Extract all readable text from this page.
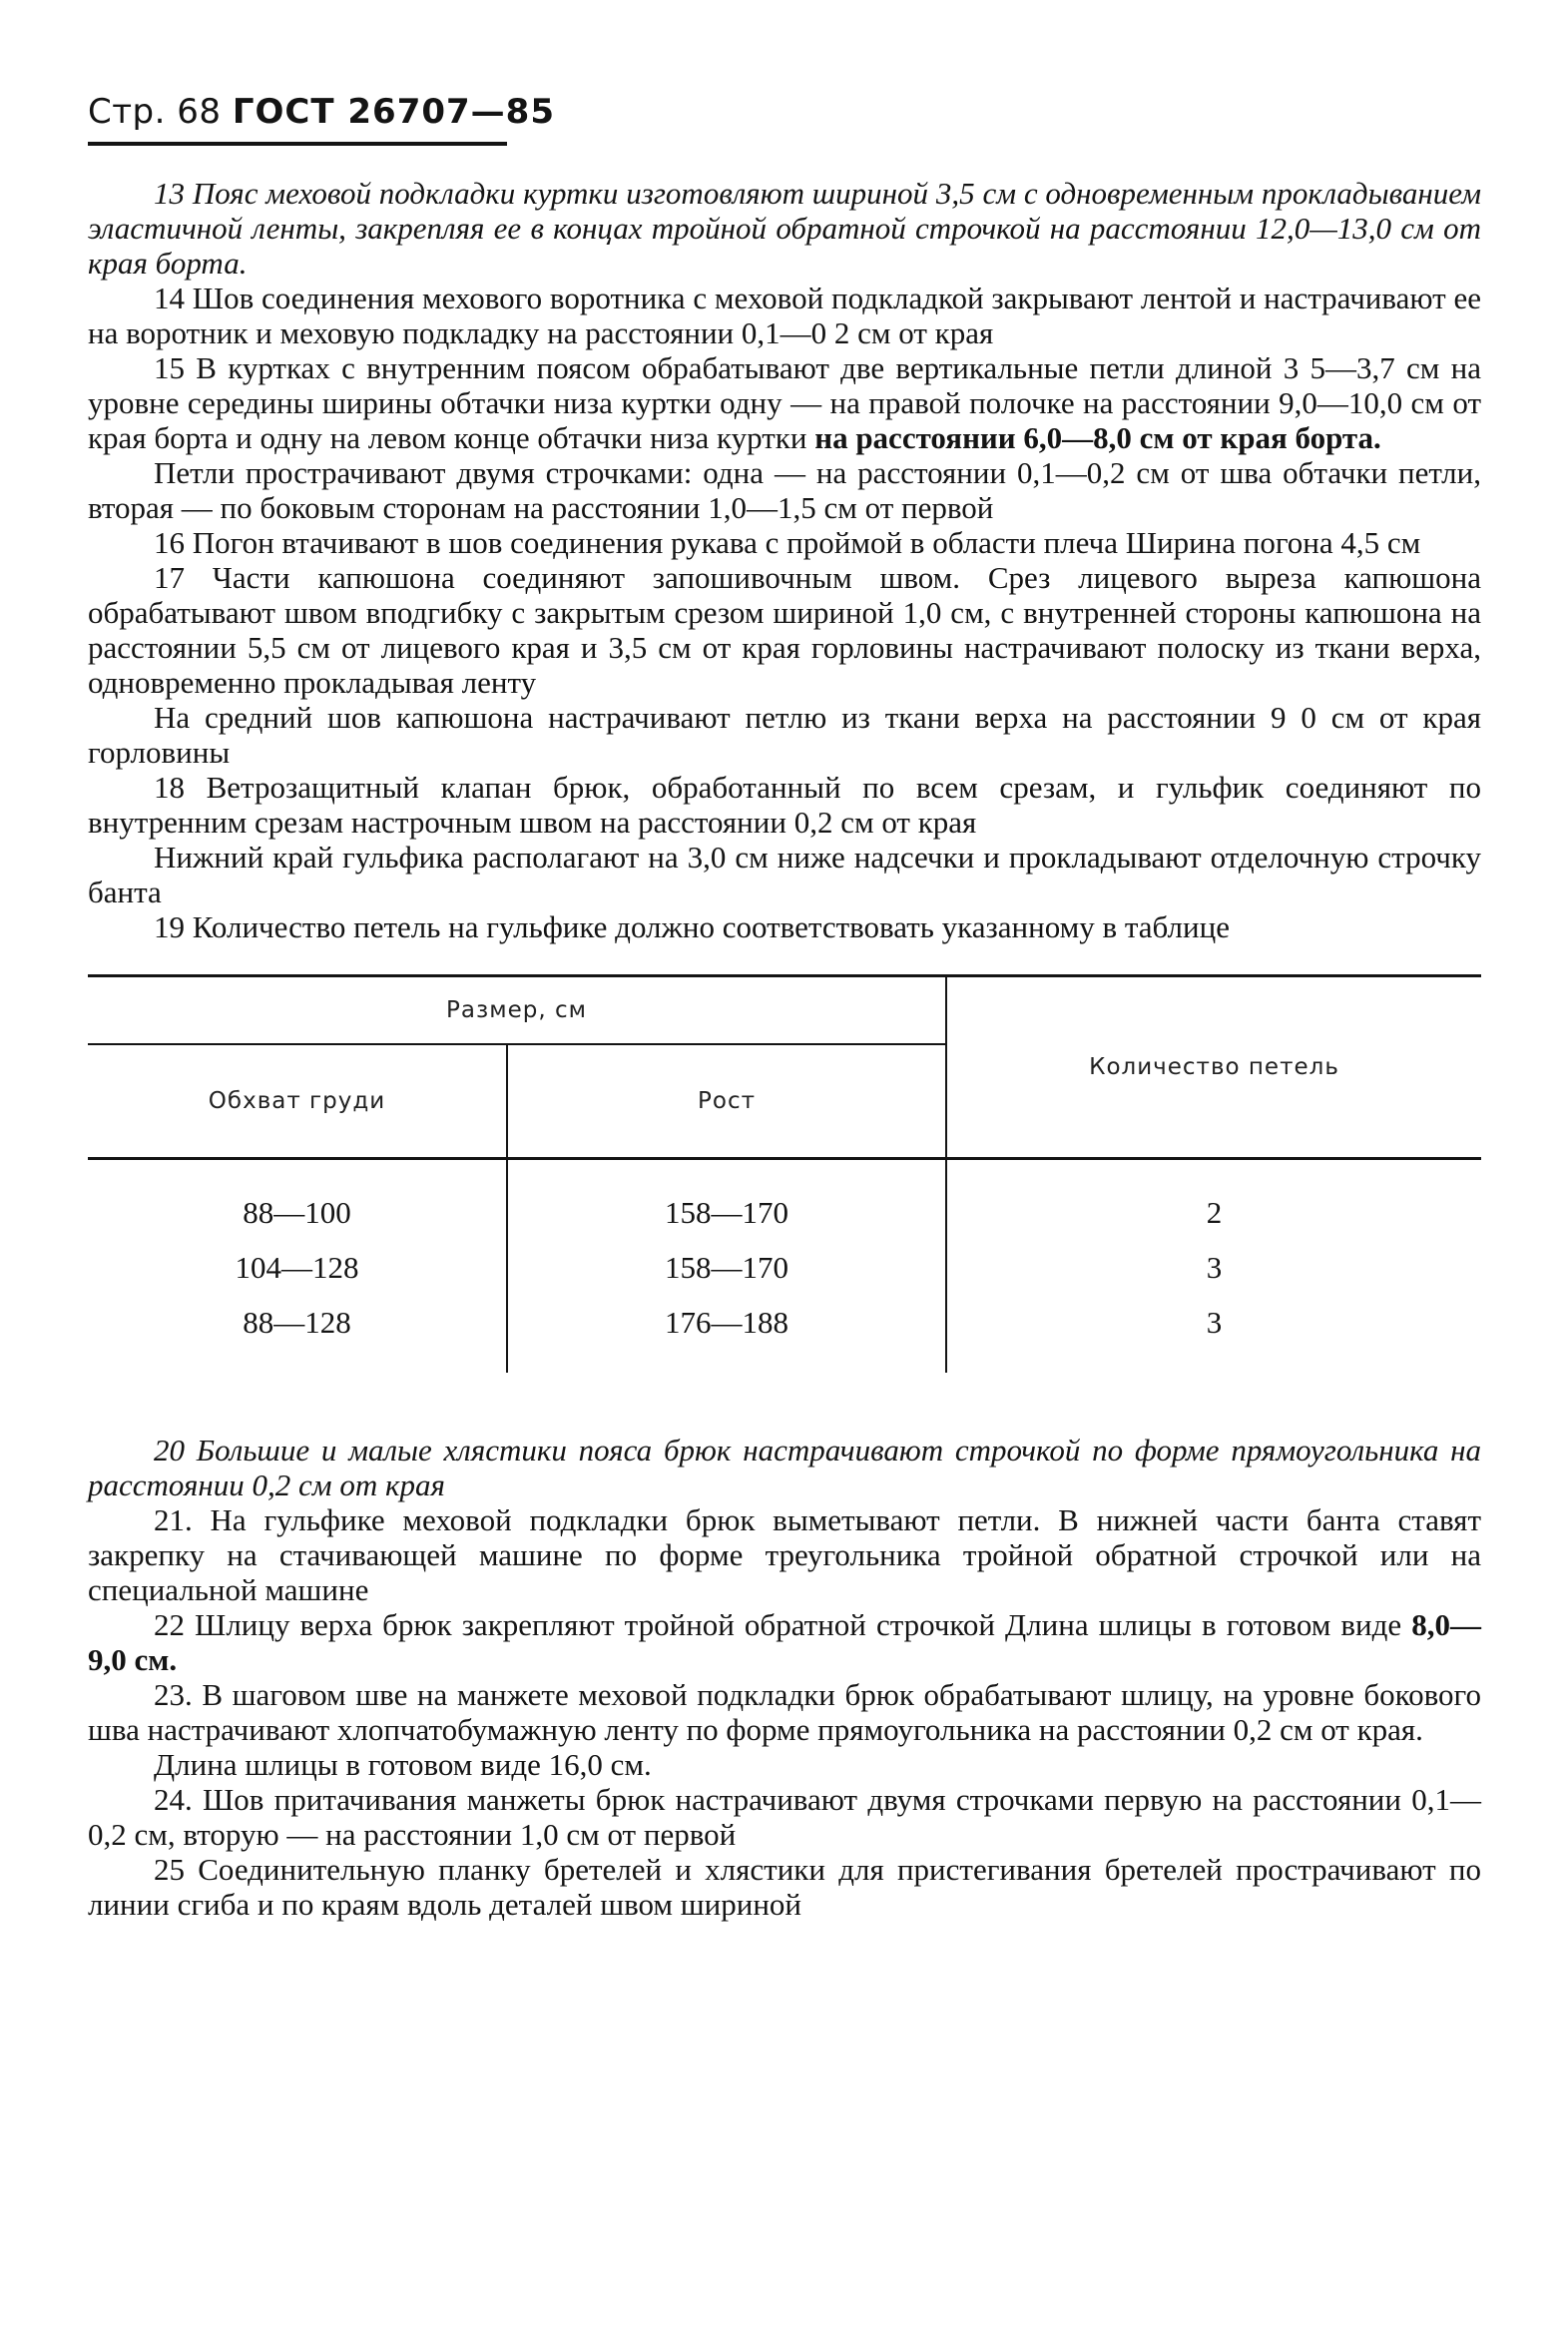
Стр. 68 ГОСТ 26707—85

13 Пояс меховой подкладки куртки изготовляют шириной 3,5 см с одновременным прокладыванием эластичной ленты, закрепляя ее в концах тройной обратной строчкой на расстоянии 12,0—13,0 см от края борта.

14 Шов соединения мехового воротника с меховой подкладкой закрывают лентой и настрачивают ее на воротник и меховую подкладку на расстоянии 0,1—0 2 см от края

15 В куртках с внутренним поясом обрабатывают две вертикальные петли длиной 3 5—3,7 см на уровне середины ширины обтачки низа куртки одну — на правой полочке на расстоянии 9,0—10,0 см от края борта и одну на левом конце обтачки низа куртки на расстоянии 6,0—8,0 см от края борта.

Петли прострачивают двумя строчками: одна — на расстоянии 0,1—0,2 см от шва обтачки петли, вторая — по боковым сторонам на расстоянии 1,0—1,5 см от первой

16 Погон втачивают в шов соединения рукава с проймой в области плеча Ширина погона 4,5 см

17 Части капюшона соединяют запошивочным швом. Срез лицевого выреза капюшона обрабатывают швом вподгибку с закрытым срезом шириной 1,0 см, с внутренней стороны капюшона на расстоянии 5,5 см от лицевого края и 3,5 см от края горловины настрачивают полоску из ткани верха, одновременно прокладывая ленту

На средний шов капюшона настрачивают петлю из ткани верха на расстоянии 9 0 см от края горловины

18 Ветрозащитный клапан брюк, обработанный по всем срезам, и гульфик соединяют по внутренним срезам настрочным швом на расстоянии 0,2 см от края

Нижний край гульфика располагают на 3,0 см ниже надсечки и прокладывают отделочную строчку банта

19 Количество петель на гульфике должно соответствовать указанному в таблице

Размер, см		Количество петель
Обхват груди	Рост	
88—100	158—170	2
104—128	158—170	3
88—128	176—188	3

20 Большие и малые хлястики пояса брюк настрачивают строчкой по форме прямоугольника на расстоянии 0,2 см от края

21. На гульфике меховой подкладки брюк выметывают петли. В нижней части банта ставят закрепку на стачивающей машине по форме треугольника тройной обратной строчкой или на специальной машине

22 Шлицу верха брюк закрепляют тройной обратной строчкой Длина шлицы в готовом виде 8,0—9,0 см.

23. В шаговом шве на манжете меховой подкладки брюк обрабатывают шлицу, на уровне бокового шва настрачивают хлопчатобумажную ленту по форме прямоугольника на расстоянии 0,2 см от края.

Длина шлицы в готовом виде 16,0 см.

24. Шов притачивания манжеты брюк настрачивают двумя строчками первую на расстоянии 0,1—0,2 см, вторую — на расстоянии 1,0 см от первой

25 Соединительную планку бретелей и хлястики для пристегивания бретелей прострачивают по линии сгиба и по краям вдоль деталей швом шириной
